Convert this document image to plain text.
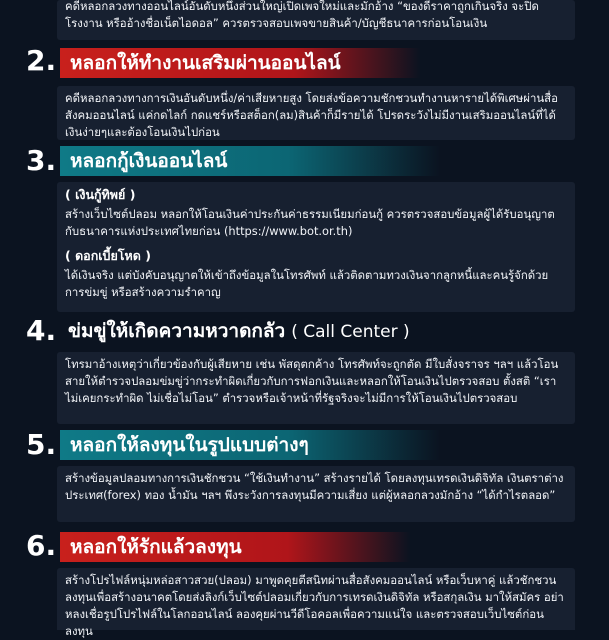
คดีหลอกลวงทางออนไลน์อันดับหนึ่งส่วนใหญ่เปิดเพจใหม่และมักอ้าง “ของดีราคาถูกเกินจริง จะปิดโรงงาน หรืออ้างชื่อเน็ตไอดอล” ควรตรวจสอบเพจขายสินค้า/บัญชีธนาคารก่อนโอนเงิน

2. หลอกให้ทำงานเสริมผ่านออนไลน์

คดีหลอกลวงทางการเงินอันดับหนึ่ง/ค่าเสียหายสูง โดยส่งข้อความชักชวนทำงานหารายได้พิเศษผ่านสื่อสังคมออนไลน์ แค่กดไลก์ กดแชร์หรือสต็อก(ลม)สินค้าก็มีรายได้ โปรดระวังไม่มีงานเสริมออนไลน์ที่ได้เงินง่ายๆและต้องโอนเงินไปก่อน

3. หลอกกู้เงินออนไลน์
( เงินกู้ทิพย์ )

สร้างเว็บไซต์ปลอม หลอกให้โอนเงินค่าประกันค่าธรรมเนียมก่อนกู้ ควรตรวจสอบข้อมูลผู้ได้รับอนุญาตกับธนาคารแห่งประเทศไทยก่อน (https://www.bot.or.th)

( ดอกเบี้ยโหด )

ได้เงินจริง แต่บังคับอนุญาตให้เข้าถึงข้อมูลในโทรศัพท์ แล้วติดตามทวงเงินจากลูกหนี้และคนรู้จักด้วยการข่มขู่ หรือสร้างความรำคาญ

4. ข่มขู่ให้เกิดความหวาดกลัว ( Call Center )

โทรมาอ้างเหตุว่าเกี่ยวข้องกับผู้เสียหาย เช่น พัสดุตกค้าง โทรศัพท์จะถูกตัด มีใบสั่งจราจร ฯลฯ แล้วโอนสายให้ตำรวจปลอมข่มขู่ว่ากระทำผิดเกี่ยวกับการฟอกเงินและหลอกให้โอนเงินไปตรวจสอบ ตั้งสติ “เราไม่เคยกระทำผิด ไม่เชื่อไม่โอน” ตำรวจหรือเจ้าหน้าที่รัฐจริงจะไม่มีการให้โอนเงินไปตรวจสอบ

5. หลอกให้ลงทุนในรูปแบบต่างๆ

สร้างข้อมูลปลอมทางการเงินชักชวน “ใช้เงินทำงาน” สร้างรายได้ โดยลงทุนเทรดเงินดิจิทัล เงินตราต่างประเทศ(forex) ทอง น้ำมัน ฯลฯ พึงระวังการลงทุนมีความเสี่ยง แต่ผู้หลอกลวงมักอ้าง “ได้กำไรตลอด”

6. หลอกให้รักแล้วลงทุน

สร้างโปรไฟล์หนุ่มหล่อสาวสวย(ปลอม) มาพูดคุยตีสนิทผ่านสื่อสังคมออนไลน์ หรือเว็บหาคู่ แล้วชักชวนลงทุนเพื่อสร้างอนาคตโดยส่งลิงก์เว็บไซต์ปลอมเกี่ยวกับการเทรดเงินดิจิทัล หรือสกุลเงิน มาให้สมัคร อย่าหลงเชื่อรูปโปรไฟล์ในโลกออนไลน์ ลองคุยผ่านวีดีโอคอลเพื่อความแน่ใจ และตรวจสอบเว็บไซต์ก่อนลงทุน
